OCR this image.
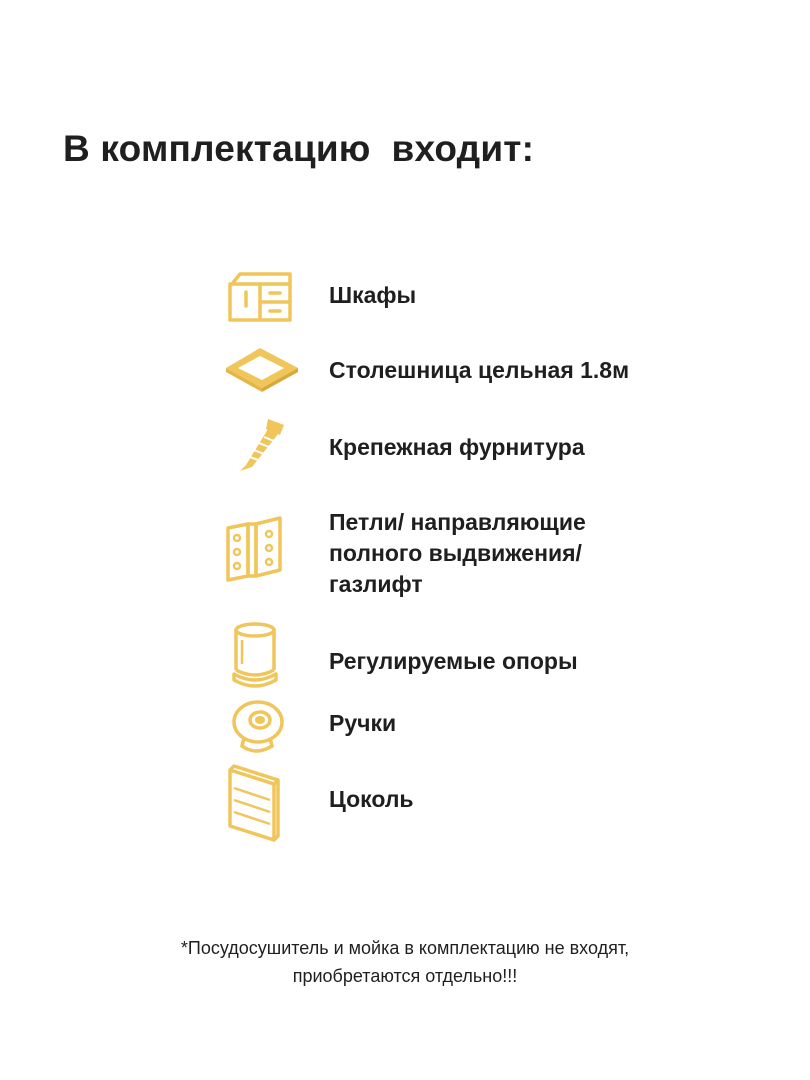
В комплектацию  входит:
Шкафы
Столешница цельная 1.8м
Крепежная фурнитура
Петли/ направляющие
полного выдвижения/
газлифт
Регулируемые опоры
Ручки
Цоколь
*Посудосушитель и мойка в комплектацию не входят,
приобретаются отдельно!!!
